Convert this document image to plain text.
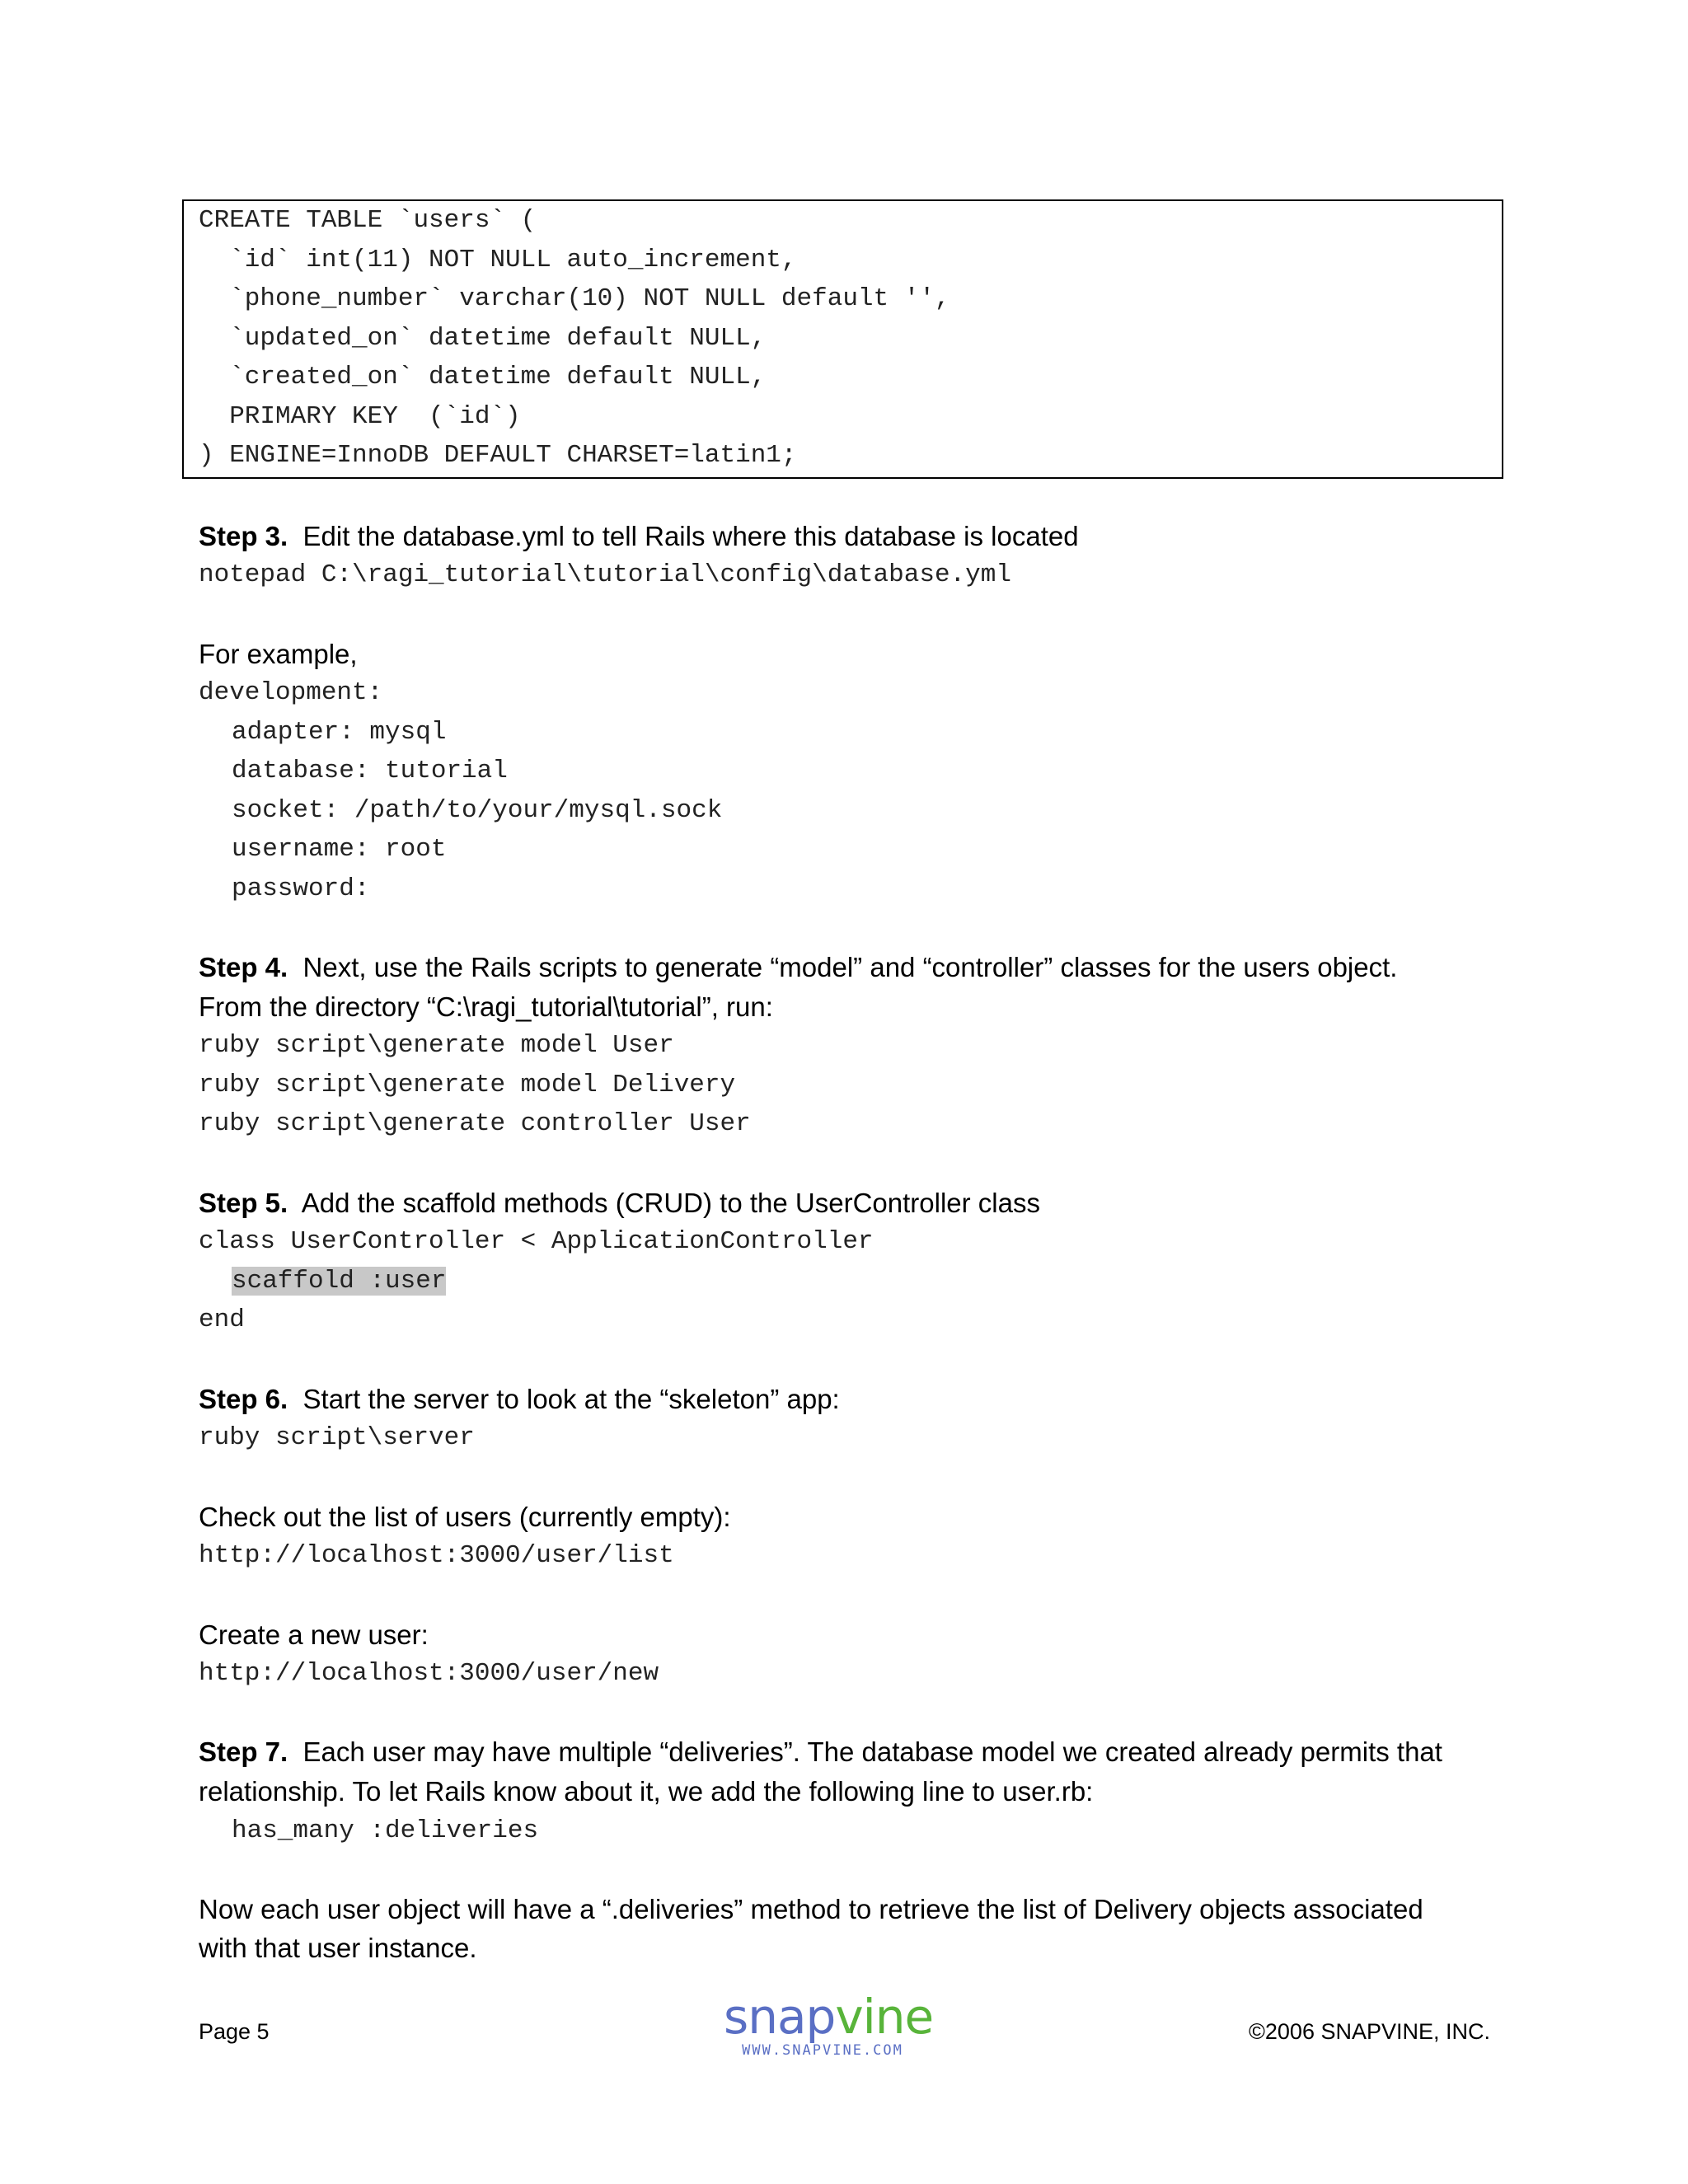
CREATE TABLE `users` (
`id` int(11) NOT NULL auto_increment,
`phone_number` varchar(10) NOT NULL default '',
`updated_on` datetime default NULL,
`created_on` datetime default NULL,
PRIMARY KEY  (`id`)
) ENGINE=InnoDB DEFAULT CHARSET=latin1;
Step 3. Edit the database.yml to tell Rails where this database is located
notepad C:\ragi_tutorial\tutorial\config\database.yml
For example,
development:
adapter: mysql
database: tutorial
socket: /path/to/your/mysql.sock
username: root
password:
Step 4. Next, use the Rails scripts to generate “model” and “controller” classes for the users object.
From the directory “C:\ragi_tutorial\tutorial”, run:
ruby script\generate model User
ruby script\generate model Delivery
ruby script\generate controller User
Step 5. Add the scaffold methods (CRUD) to the UserController class
class UserController < ApplicationController
scaffold :user
end
Step 6. Start the server to look at the “skeleton” app:
ruby script\server
Check out the list of users (currently empty):
http://localhost:3000/user/list
Create a new user:
http://localhost:3000/user/new
Step 7. Each user may have multiple “deliveries”. The database model we created already permits that
relationship. To let Rails know about it, we add the following line to user.rb:
has_many :deliveries
Now each user object will have a “.deliveries” method to retrieve the list of Delivery objects associated
with that user instance.
Page 5	snapvine
WWW.SNAPVINE.COM
©2006 SNAPVINE, INC.
